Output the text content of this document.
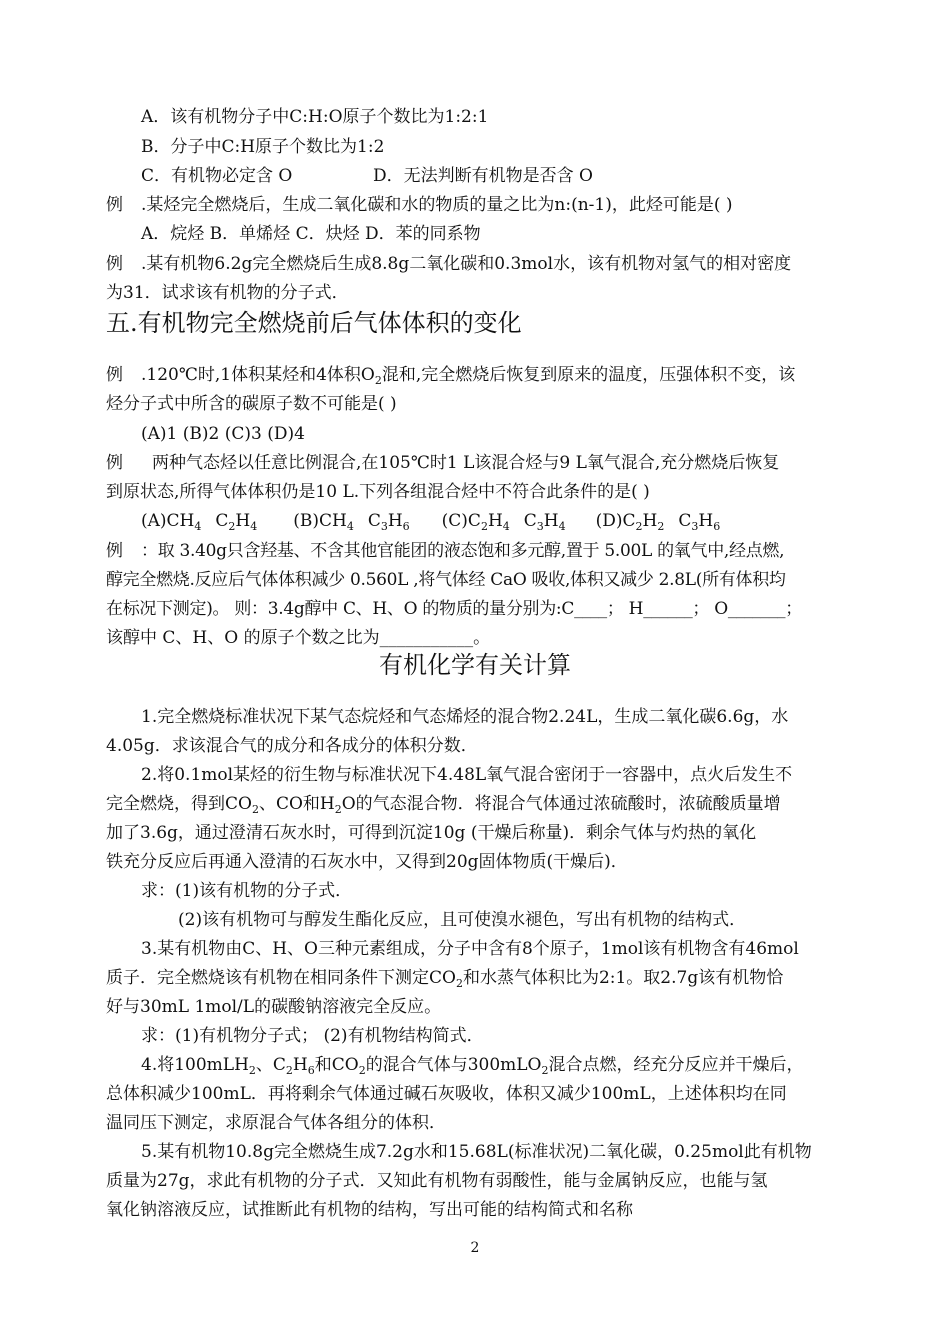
A．该有机物分子中C:H:O原子个数比为1:2:1
B．分子中C:H原子个数比为1:2
C．有机物必定含 O	D．无法判断有机物是否含 O
例 .某烃完全燃烧后，生成二氧化碳和水的物质的量之比为n:(n-1)，此烃可能是( )
A．烷烃 B．单烯烃 C．炔烃 D．苯的同系物
例 .某有机物6.2g完全燃烧后生成8.8g二氧化碳和0.3mol水，该有机物对氢气的相对密度
为31．试求该有机物的分子式．
五.有机物完全燃烧前后气体体积的变化
例 .120℃时,1体积某烃和4体积$O_2$混和,完全燃烧后恢复到原来的温度，压强体积不变，该
烃分子式中所含的碳原子数不可能是( )
(A)1 (B)2 (C)3 (D)4
例 两种气态烃以任意比例混合,在105℃时1 L该混合烃与9 L氧气混合,充分燃烧后恢复
到原状态,所得气体体积仍是10 L.下列各组混合烃中不符合此条件的是( )
$(A)CH_4$ $C_2H_4$ $(B)CH_4$ $C_3H_6$ $(C)C_2H_4$ $C_3H_4$ $(D)C_2H_2$ $C_3H_6$
例 ：取 3.40g只含羟基、不含其他官能团的液态饱和多元醇,置于 5.00L 的氧气中,经点燃,
醇完全燃烧.反应后气体体积减少 0.560L ,将气体经 CaO 吸收,体积又减少 2.8L(所有体积均
在标况下测定)。 则：3.4g醇中 C、H、O 的物质的量分别为:C____； H______； O_______；
该醇中 C、H、O 的原子个数之比为___________。
有机化学有关计算
1.完全燃烧标准状况下某气态烷烃和气态烯烃的混合物2.24L，生成二氧化碳6.6g，水
4.05g．求该混合气的成分和各成分的体积分数．
2.将0.1mol某烃的衍生物与标准状况下4.48L氧气混合密闭于一容器中，点火后发生不
完全燃烧，得到$CO_2$、CO和$H_2O$的气态混合物．将混合气体通过浓硫酸时，浓硫酸质量增
加了3.6g，通过澄清石灰水时，可得到沉淀10g (干燥后称量)．剩余气体与灼热的氧化
铁充分反应后再通入澄清的石灰水中，又得到20g固体物质(干燥后)．
求：(1)该有机物的分子式．
(2)该有机物可与醇发生酯化反应，且可使溴水褪色，写出有机物的结构式．
3.某有机物由C、H、O三种元素组成，分子中含有8个原子，1mol该有机物含有46mol
质子．完全燃烧该有机物在相同条件下测定$CO_2$和水蒸气体积比为2:1。取2.7g该有机物恰
好与30mL 1mol/L的碳酸钠溶液完全反应。
求：(1)有机物分子式； (2)有机物结构简式．
4.将100mLH$_2$、$C_2H_6$和$CO_2$的混合气体与300mLO$_2$混合点燃，经充分反应并干燥后，
总体积减少100mL．再将剩余气体通过碱石灰吸收，体积又减少100mL，上述体积均在同
温同压下测定，求原混合气体各组分的体积．
5.某有机物10.8g完全燃烧生成7.2g水和15.68L(标准状况)二氧化碳，0.25mol此有机物
质量为27g，求此有机物的分子式．又知此有机物有弱酸性，能与金属钠反应，也能与氢
氧化钠溶液反应，试推断此有机物的结构，写出可能的结构简式和名称
2
